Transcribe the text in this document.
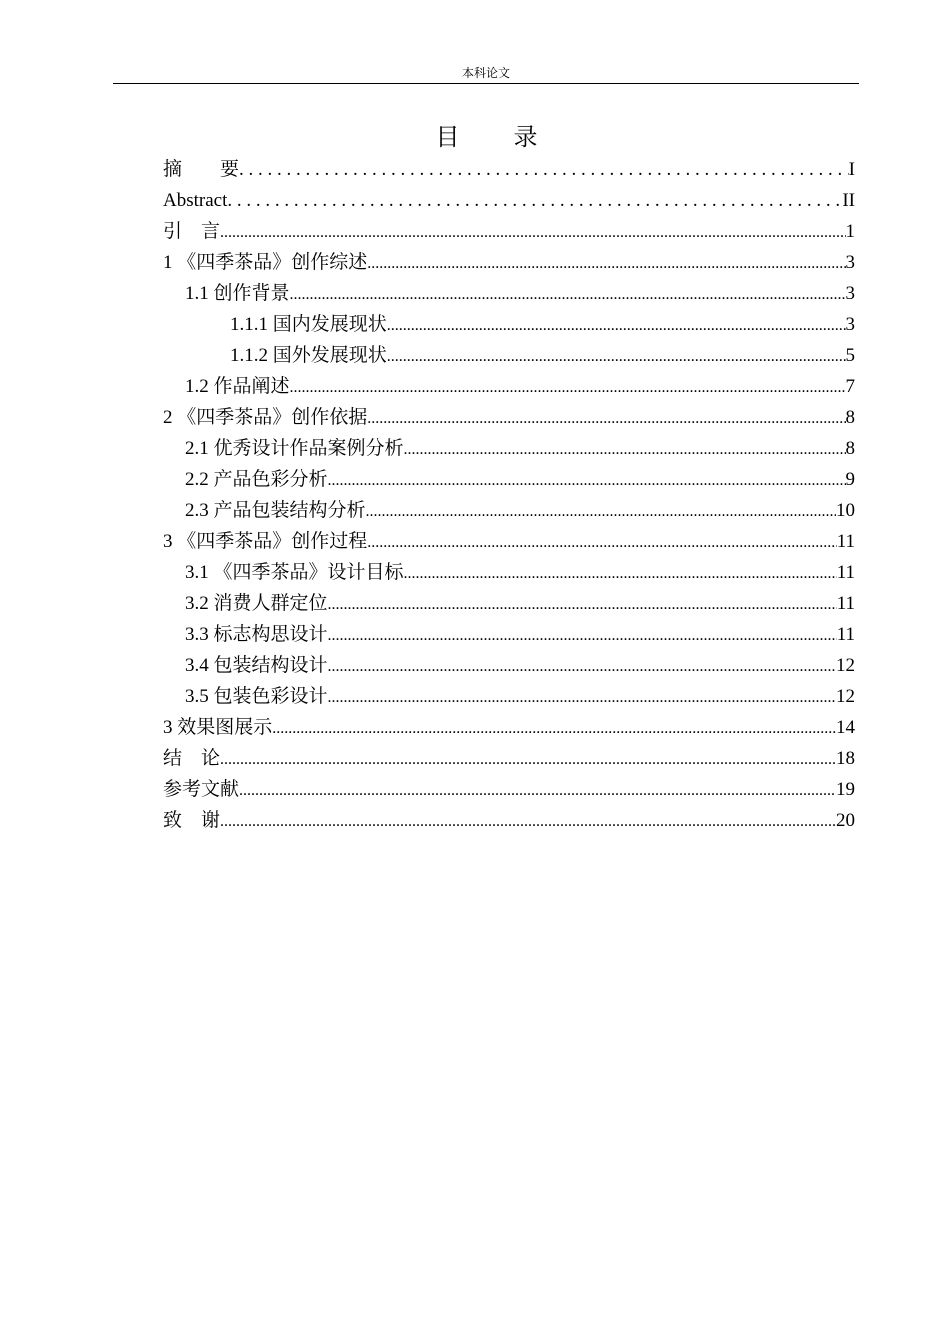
本科论文
目　　录
摘　　要 . . .	I
Abstract . . .	II
引　言 .....	1
1 《四季茶品》创作综述 .....	3
1.1 创作背景 .....	3
1.1.1 国内发展现状 .....	3
1.1.2 国外发展现状 .....	5
1.2 作品阐述 .....	7
2 《四季茶品》创作依据 .....	8
2.1 优秀设计作品案例分析 .....	8
2.2 产品色彩分析 .....	9
2.3 产品包装结构分析 .....	10
3 《四季茶品》创作过程 .....	11
3.1 《四季茶品》设计目标 .....	11
3.2 消费人群定位 .....	11
3.3 标志构思设计 .....	11
3.4 包装结构设计 .....	12
3.5 包装色彩设计 .....	12
3 效果图展示 .....	14
结　论 .....	18
参考文献 .....	19
致　谢 .....	20
